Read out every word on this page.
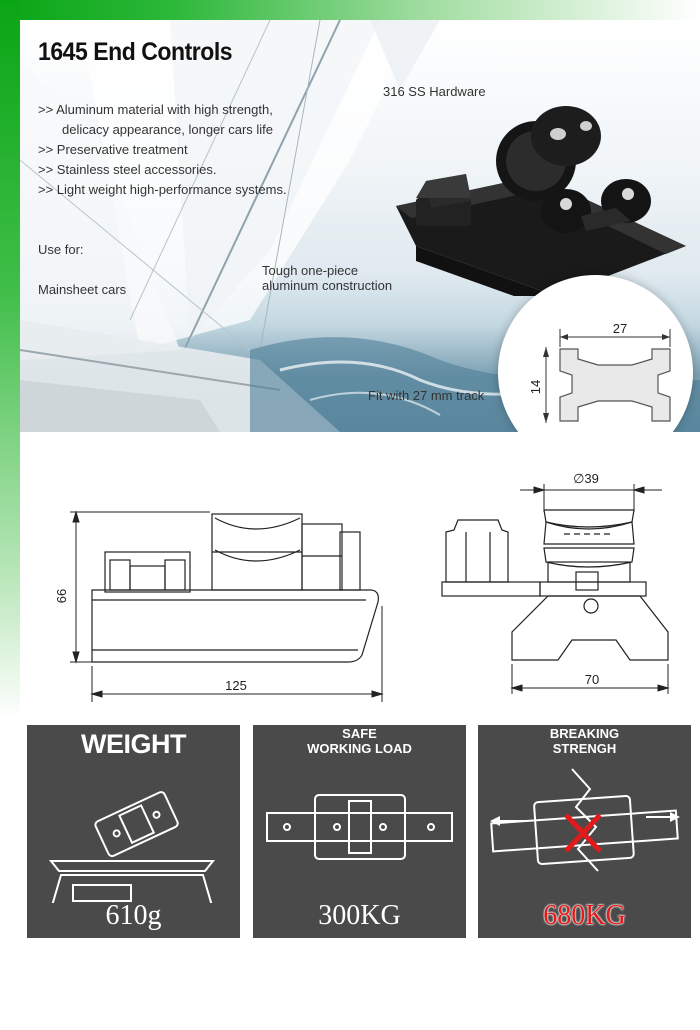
1645 End Controls
>> Aluminum material with high strength,
delicacy appearance, longer cars life
>> Preservative treatment
>> Stainless steel accessories.
>> Light weight high-performance systems.
Use for:
Mainsheet cars
316 SS Hardware
Tough one-piece
aluminum construction
Fit with 27 mm track
27
14
66
125
∅39
70
WEIGHT
610g
SAFE
WORKING LOAD
300KG
BREAKING
STRENGH
680KG
